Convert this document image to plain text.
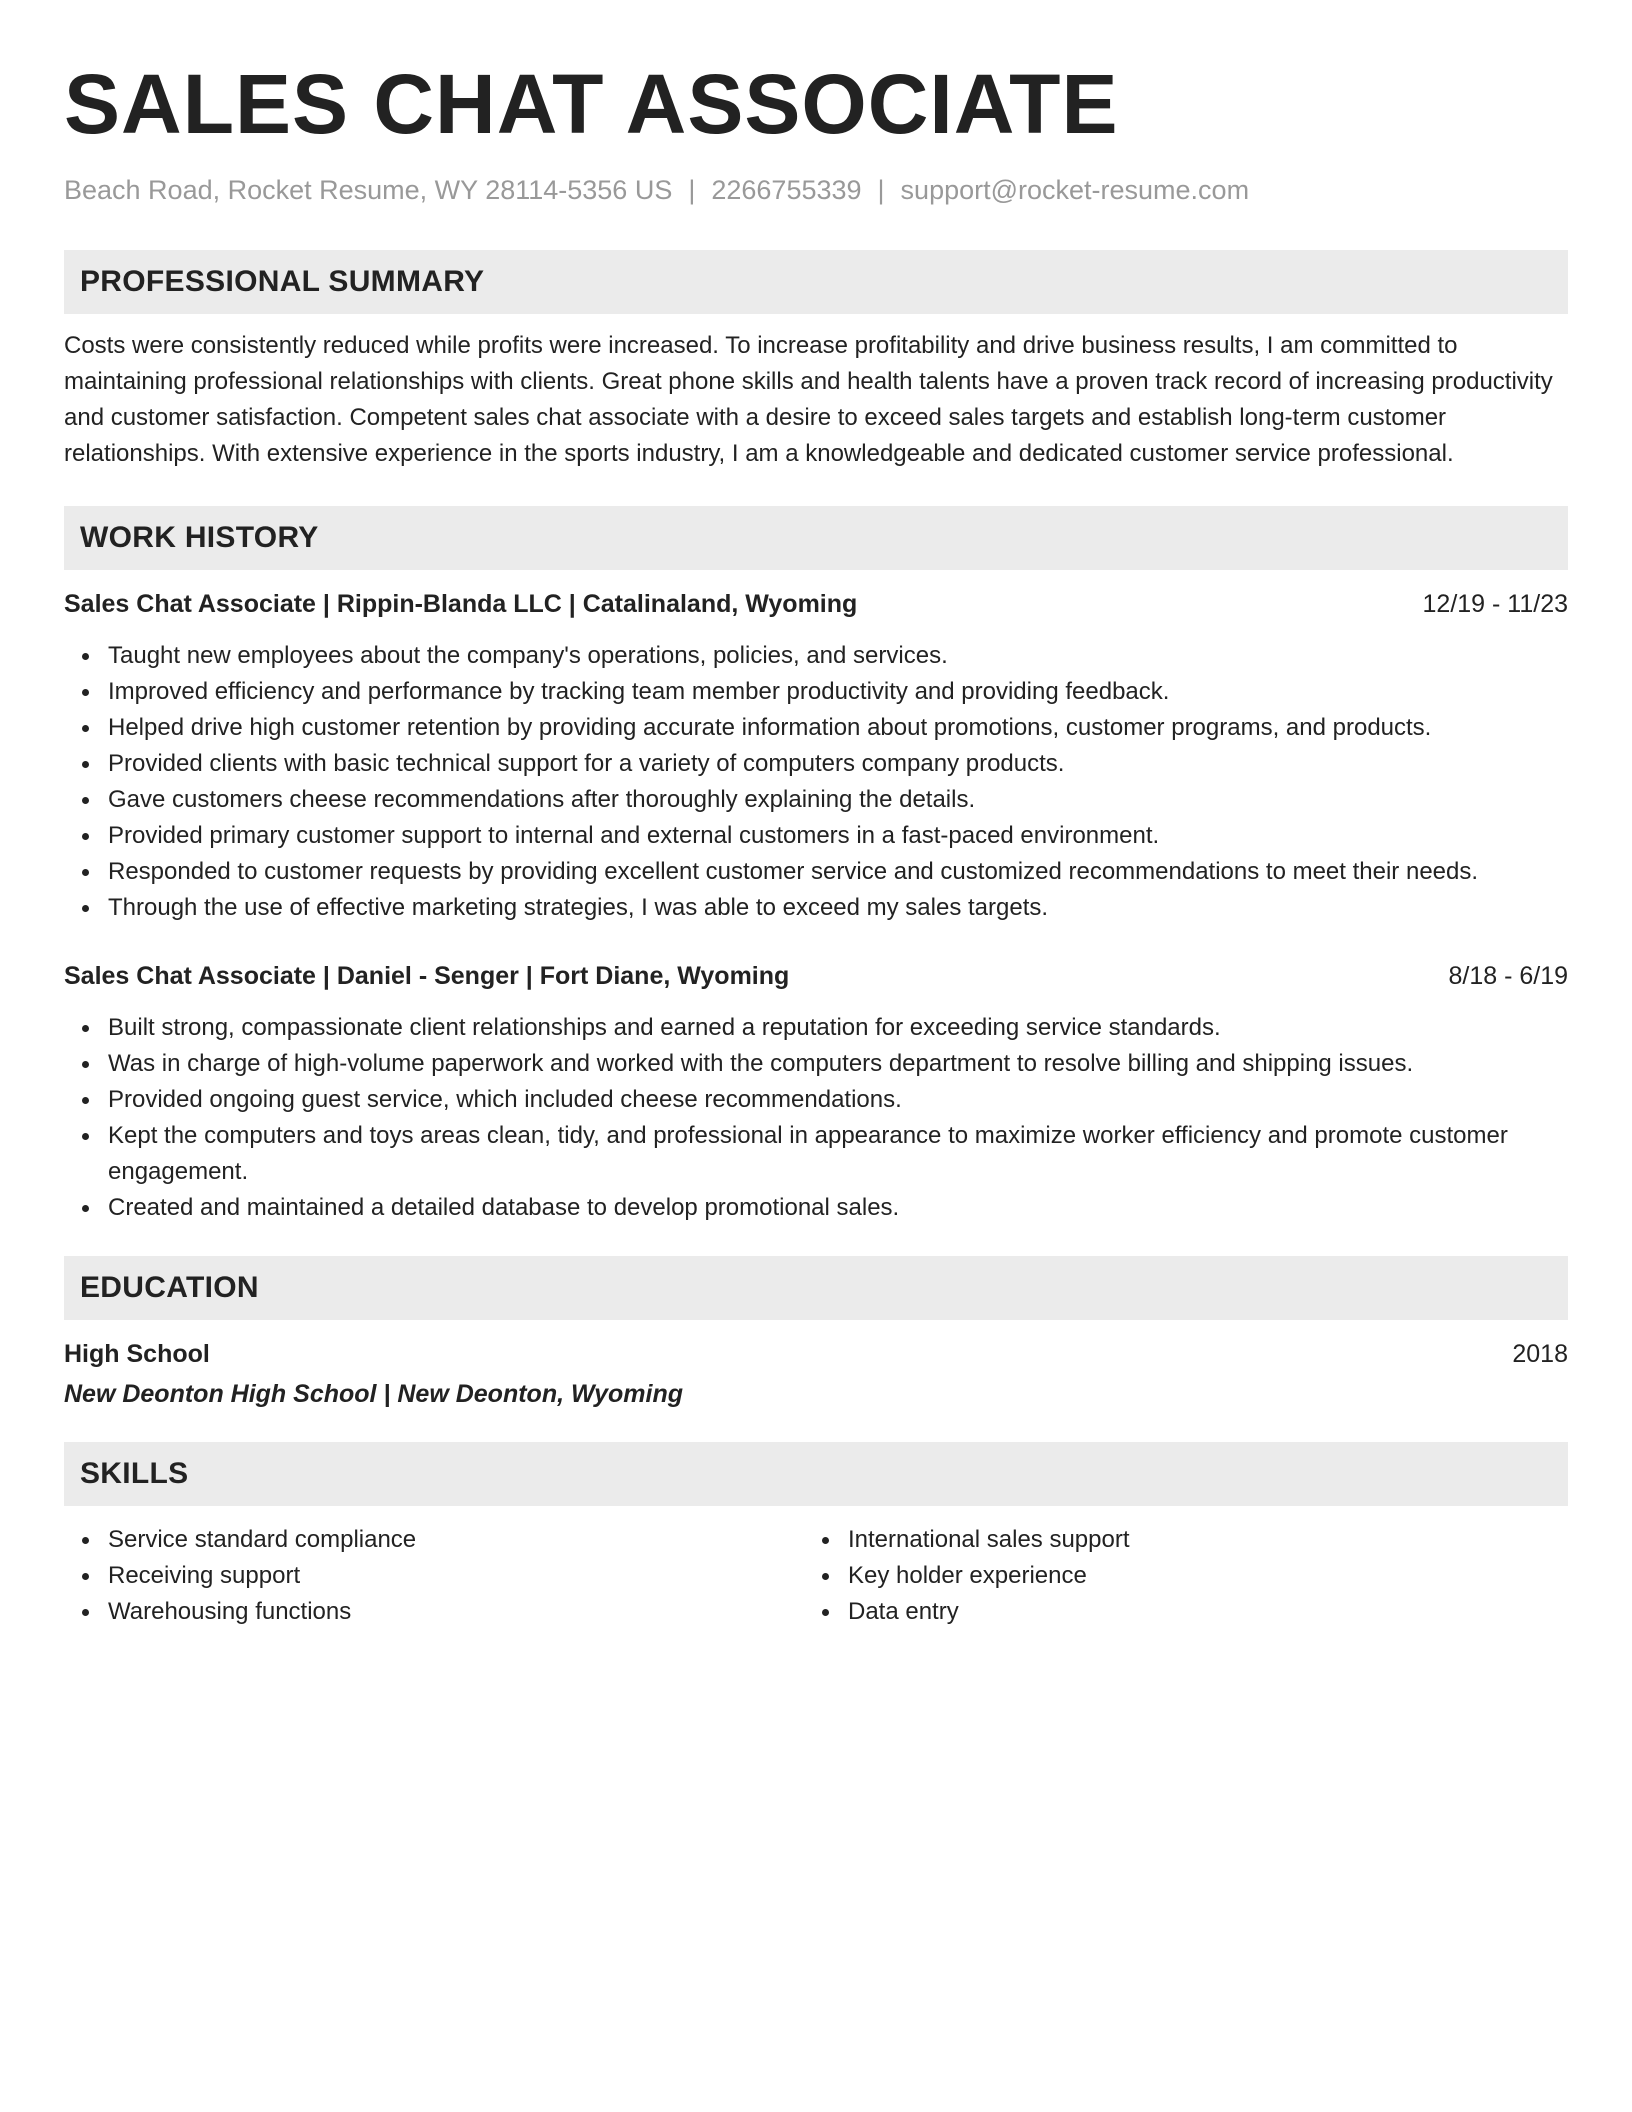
SALES CHAT ASSOCIATE
Beach Road, Rocket Resume, WY 28114-5356 US | 2266755339 | support@rocket-resume.com
PROFESSIONAL SUMMARY

Costs were consistently reduced while profits were increased. To increase profitability and drive business results, I am committed to maintaining professional relationships with clients. Great phone skills and health talents have a proven track record of increasing productivity and customer satisfaction. Competent sales chat associate with a desire to exceed sales targets and establish long-term customer relationships. With extensive experience in the sports industry, I am a knowledgeable and dedicated customer service professional.

WORK HISTORY
Sales Chat Associate | Rippin-Blanda LLC | Catalinaland, Wyoming	12/19 - 11/23
Taught new employees about the company's operations, policies, and services.
Improved efficiency and performance by tracking team member productivity and providing feedback.
Helped drive high customer retention by providing accurate information about promotions, customer programs, and products.
Provided clients with basic technical support for a variety of computers company products.
Gave customers cheese recommendations after thoroughly explaining the details.
Provided primary customer support to internal and external customers in a fast-paced environment.
Responded to customer requests by providing excellent customer service and customized recommendations to meet their needs.
Through the use of effective marketing strategies, I was able to exceed my sales targets.
Sales Chat Associate | Daniel - Senger | Fort Diane, Wyoming	8/18 - 6/19
Built strong, compassionate client relationships and earned a reputation for exceeding service standards.
Was in charge of high-volume paperwork and worked with the computers department to resolve billing and shipping issues.
Provided ongoing guest service, which included cheese recommendations.
Kept the computers and toys areas clean, tidy, and professional in appearance to maximize worker efficiency and promote customer engagement.
Created and maintained a detailed database to develop promotional sales.
EDUCATION
High School	2018
New Deonton High School | New Deonton, Wyoming
SKILLS
Service standard compliance
Receiving support
Warehousing functions
International sales support
Key holder experience
Data entry
